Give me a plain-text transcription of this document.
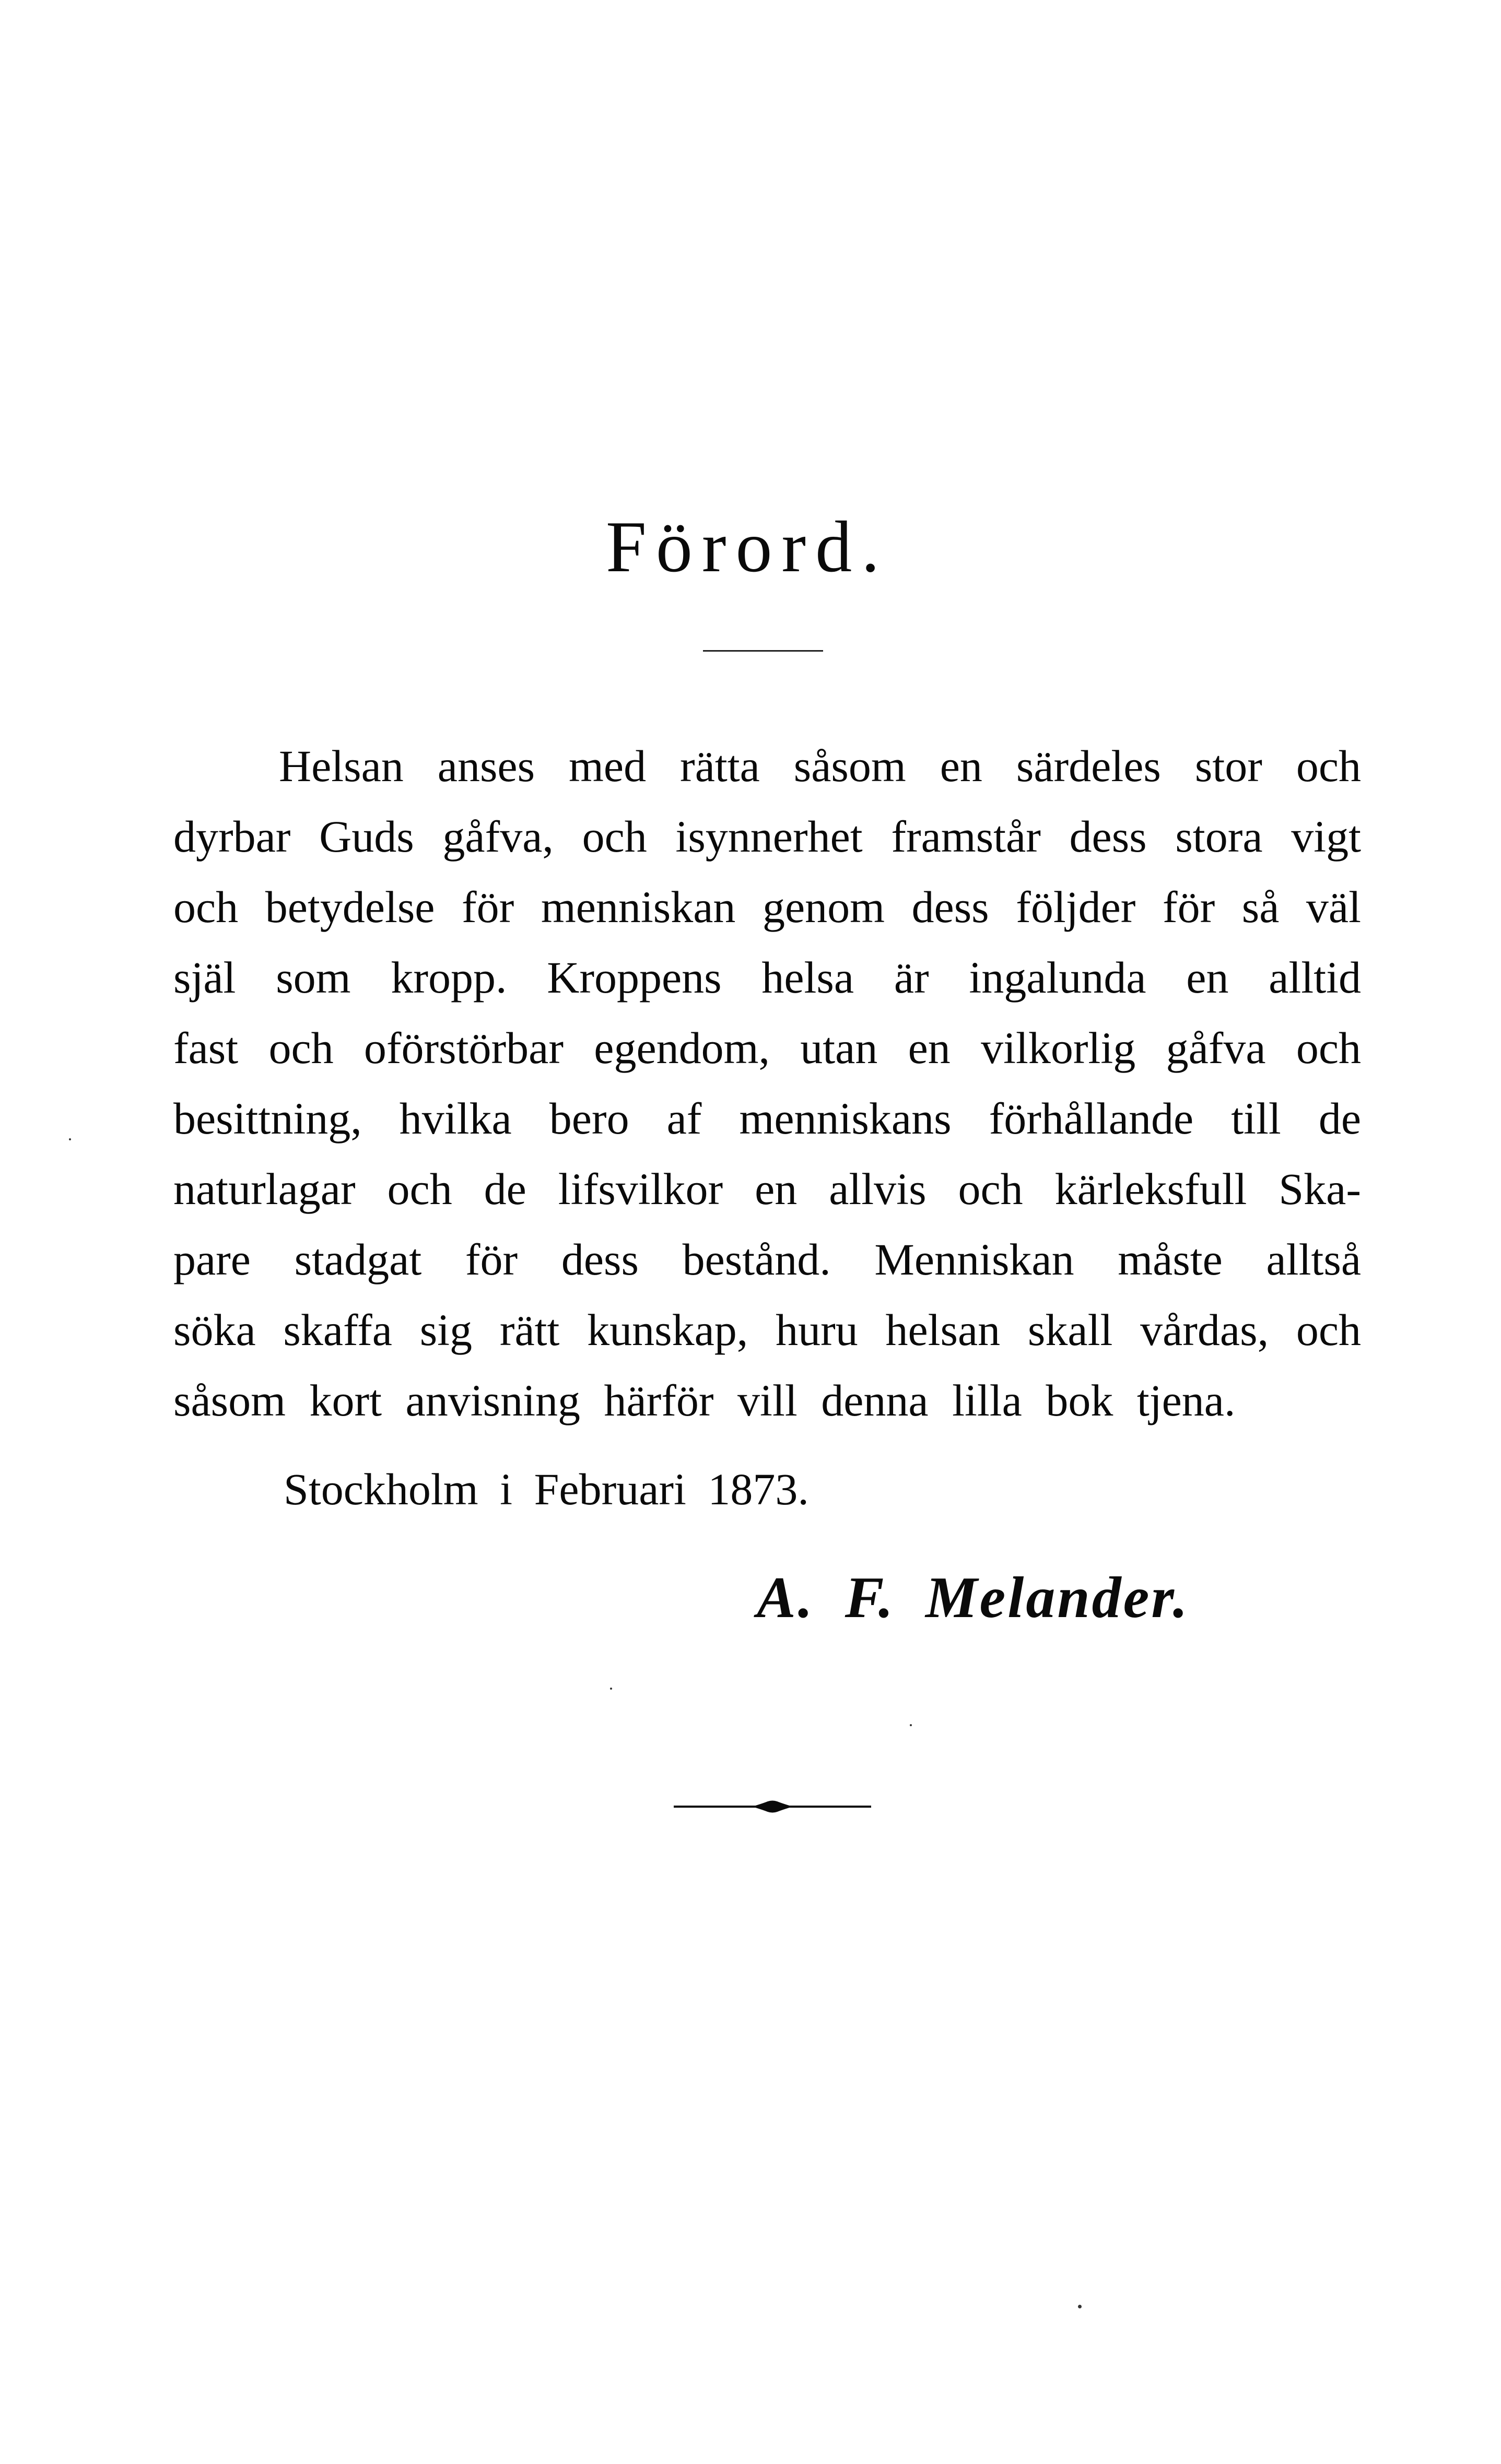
Förord.
Helsan anses med rätta såsom en särdeles stor och
dyrbar Guds gåfva, och isynnerhet framstår dess stora vigt
och betydelse för menniskan genom dess följder för så väl
själ som kropp. Kroppens helsa är ingalunda en alltid
fast och oförstörbar egendom, utan en vilkorlig gåfva och
besittning, hvilka bero af menniskans förhållande till de
naturlagar och de lifsvilkor en allvis och kärleksfull Ska-
pare stadgat för dess bestånd. Menniskan måste alltså
söka skaffa sig rätt kunskap, huru helsan skall vårdas, och
såsom kort anvisning härför vill denna lilla bok tjena.
Stockholm i Februari 1873.
A. F. Melander.
